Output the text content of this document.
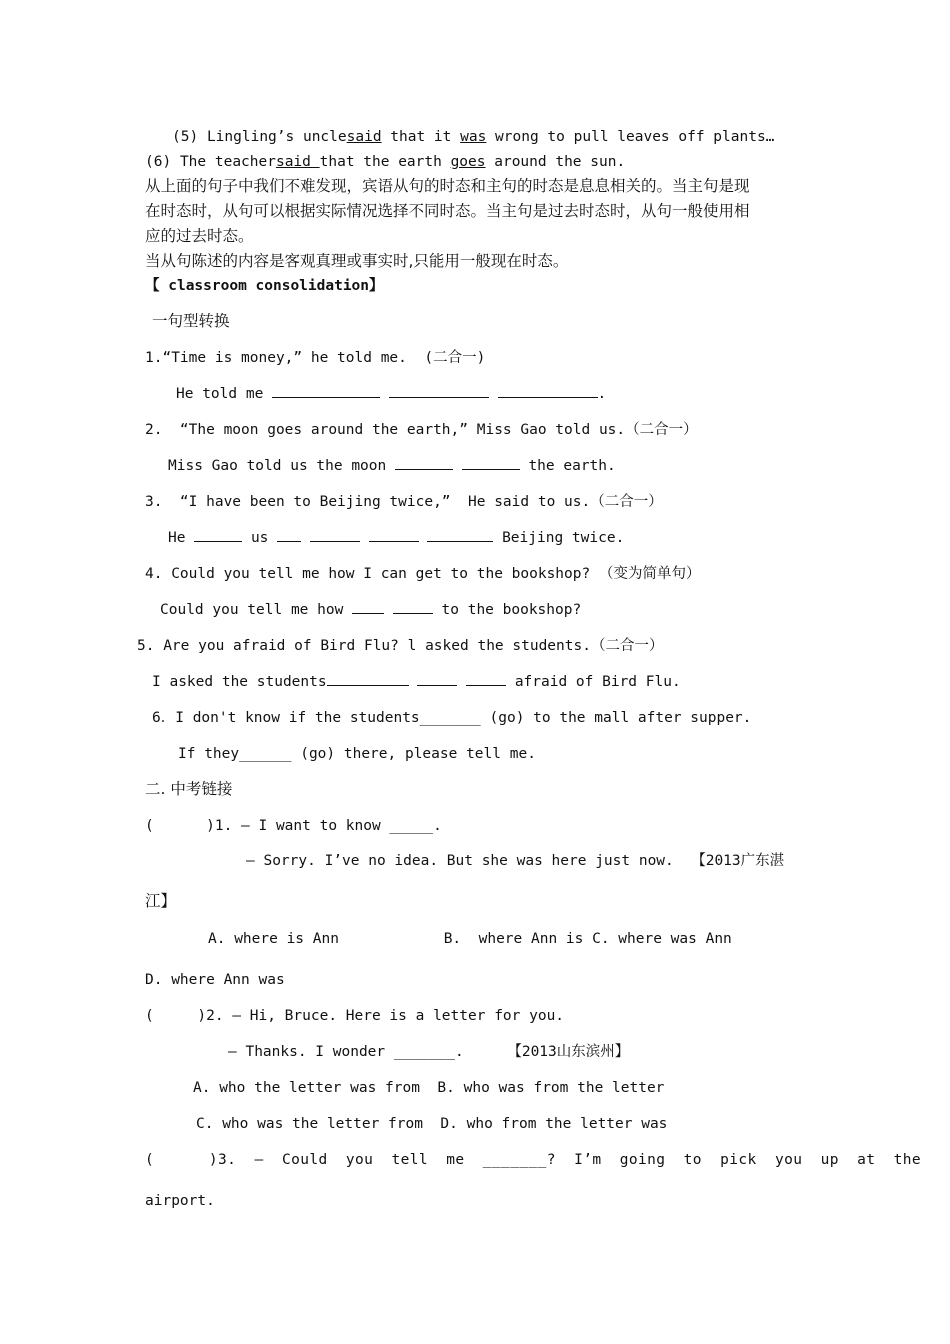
(5) Lingling’s unclesaid that it was wrong to pull leaves off plants…
(6) The teachersaid that the earth goes around the sun.
从上面的句子中我们不难发现，宾语从句的时态和主句的时态是息息相关的。当主句是现
在时态时，从句可以根据实际情况选择不同时态。当主句是过去时态时，从句一般使用相
应的过去时态。
当从句陈述的内容是客观真理或事实时,只能用一般现在时态。
【 classroom consolidation】
一句型转换
1.“Time is money,” he told me.  (二合一)
He told me	.
2.  “The moon goes around the earth,” Miss Gao told us.（二合一）
Miss Gao told us the moon	the earth.
3.  “I have been to Beijing twice,”  He said to us.（二合一）
He	us	Beijing twice.
4. Could you tell me how I can get to the bookshop? （变为简单句）
Could you tell me how	to the bookshop?
5. Are you afraid of Bird Flu? l asked the students.（二合一）
I asked the students	afraid of Bird Flu.
6．I don't know if the students_______ (go) to the mall after supper.
If they______ (go) there, please tell me.
二. 中考链接
(      )1. — I want to know _____.
— Sorry. I’ve no idea. But she was here just now.  【2013广东湛
江】
A. where is Ann            B.  where Ann is C. where was Ann
D. where Ann was
(     )2. — Hi, Bruce. Here is a letter for you.
— Thanks. I wonder _______.     【2013山东滨州】
A. who the letter was from  B. who was from the letter
C. who was the letter from  D. who from the letter was
(      )3.  —  Could  you  tell  me  _______?  I’m  going  to  pick  you  up  at  the
airport.
